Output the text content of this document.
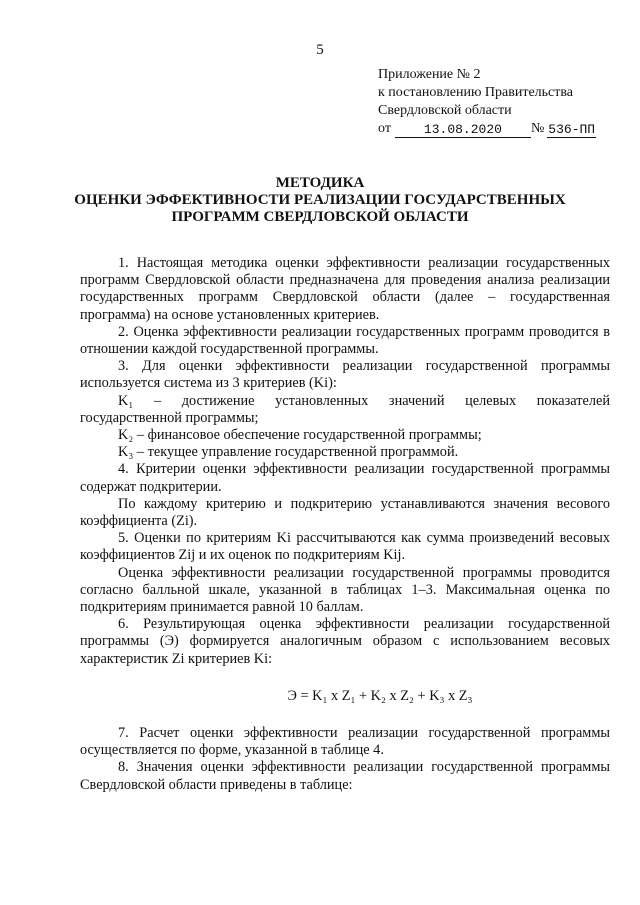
5
Приложение № 2
к постановлению Правительства
Свердловской области
от	13.08.2020	№ 536-ПП
МЕТОДИКА
ОЦЕНКИ ЭФФЕКТИВНОСТИ РЕАЛИЗАЦИИ ГОСУДАРСТВЕННЫХ
ПРОГРАММ СВЕРДЛОВСКОЙ ОБЛАСТИ

1. Настоящая методика оценки эффективности реализации государственных программ Свердловской области предназначена для проведения анализа реализации государственных программ Свердловской области (далее – государственная программа) на основе установленных критериев.

2. Оценка эффективности реализации государственных программ проводится в отношении каждой государственной программы.

3. Для оценки эффективности реализации государственной программы используется система из 3 критериев (Ki):

K₁ – достижение установленных значений целевых показателей государственной программы;

K₂ – финансовое обеспечение государственной программы;

K₃ – текущее управление государственной программой.

4. Критерии оценки эффективности реализации государственной программы содержат подкритерии.

По каждому критерию и подкритерию устанавливаются значения весового коэффициента (Zi).

5. Оценки по критериям Ki рассчитываются как сумма произведений весовых коэффициентов Zij и их оценок по подкритериям Kij.

Оценка эффективности реализации государственной программы проводится согласно балльной шкале, указанной в таблицах 1–3. Максимальная оценка по подкритериям принимается равной 10 баллам.

6. Результирующая оценка эффективности реализации государственной программы (Э) формируется аналогичным образом с использованием весовых характеристик Zi критериев Ki:

Э = K₁ x Z₁ + K₂ x Z₂ + K₃ x Z₃

7. Расчет оценки эффективности реализации государственной программы осуществляется по форме, указанной в таблице 4.

8. Значения оценки эффективности реализации государственной программы Свердловской области приведены в таблице:
